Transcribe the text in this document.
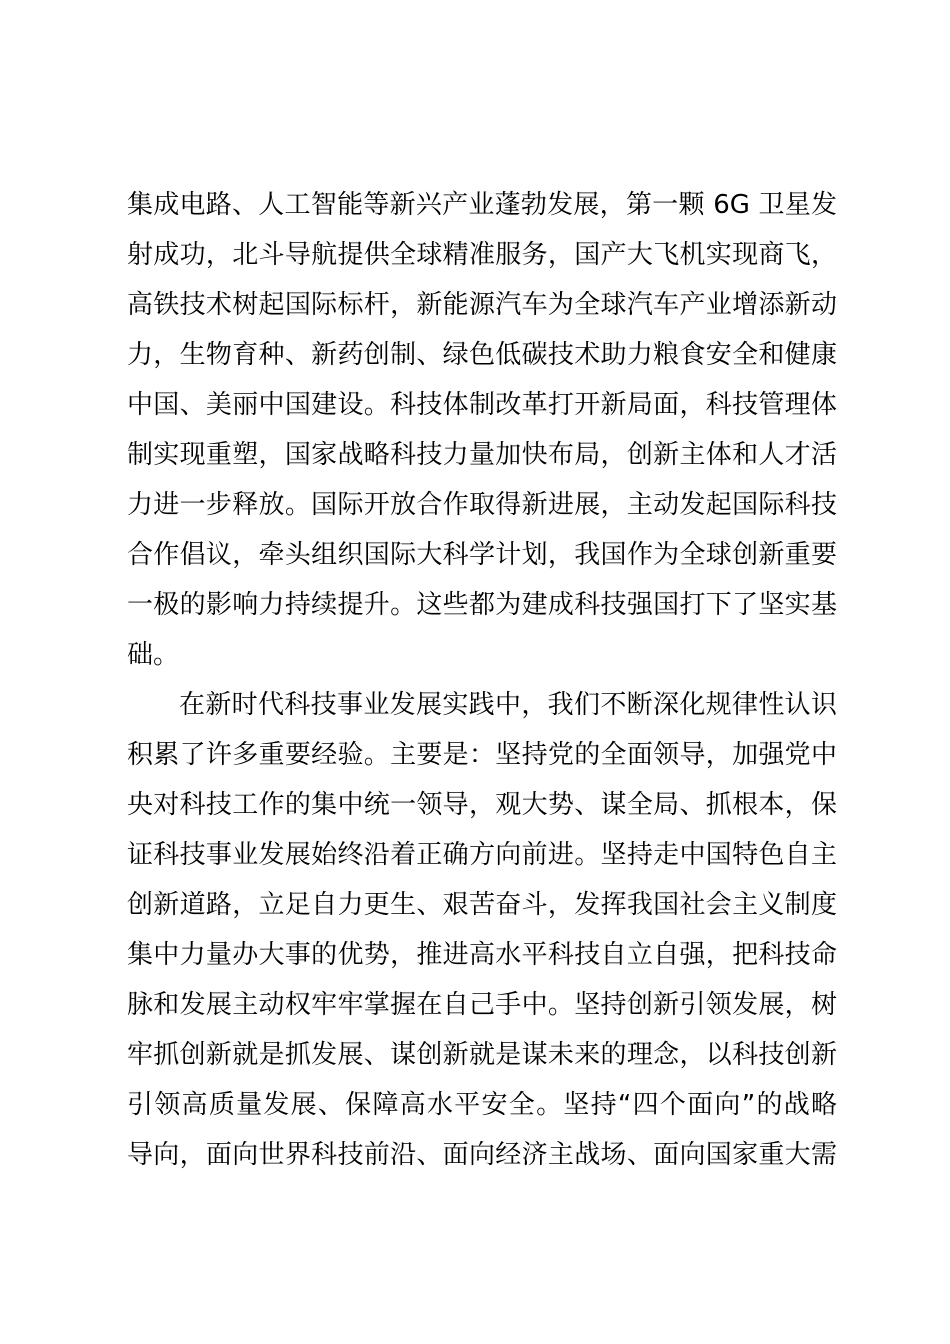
集成电路、人工智能等新兴产业蓬勃发展，第一颗 6G 卫星发
射成功，北斗导航提供全球精准服务，国产大飞机实现商飞，
高铁技术树起国际标杆，新能源汽车为全球汽车产业增添新动
力，生物育种、新药创制、绿色低碳技术助力粮食安全和健康
中国、美丽中国建设。科技体制改革打开新局面，科技管理体
制实现重塑，国家战略科技力量加快布局，创新主体和人才活
力进一步释放。国际开放合作取得新进展，主动发起国际科技
合作倡议，牵头组织国际大科学计划，我国作为全球创新重要
一极的影响力持续提升。这些都为建成科技强国打下了坚实基
础。
在新时代科技事业发展实践中，我们不断深化规律性认识
积累了许多重要经验。主要是：坚持党的全面领导，加强党中
央对科技工作的集中统一领导，观大势、谋全局、抓根本，保
证科技事业发展始终沿着正确方向前进。坚持走中国特色自主
创新道路，立足自力更生、艰苦奋斗，发挥我国社会主义制度
集中力量办大事的优势，推进高水平科技自立自强，把科技命
脉和发展主动权牢牢掌握在自己手中。坚持创新引领发展，树
牢抓创新就是抓发展、谋创新就是谋未来的理念，以科技创新
引领高质量发展、保障高水平安全。坚持“四个面向”的战略
导向，面向世界科技前沿、面向经济主战场、面向国家重大需
